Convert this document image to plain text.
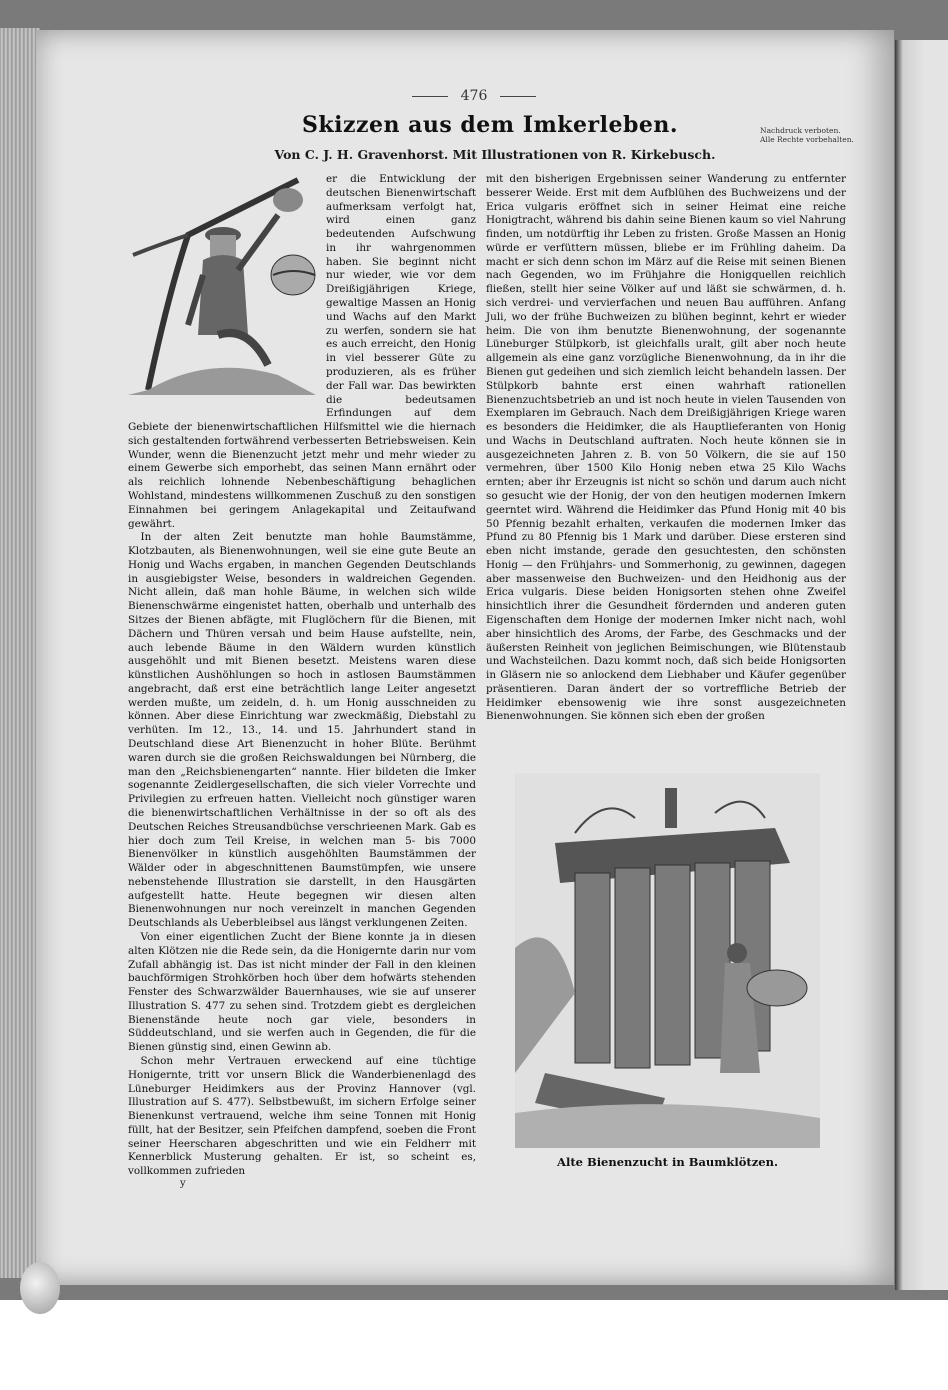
476
Skizzen aus dem Imkerleben.
Von C. J. H. Gravenhorst. Mit Illustrationen von R. Kirkebusch.
Nachdruck verboten. Alle Rechte vorbehalten.
Alte Bienenzucht in Baumklötzen.

er die Entwicklung der deutschen Bienenwirtschaft aufmerksam verfolgt hat, wird einen ganz bedeutenden Aufschwung in ihr wahrgenommen haben. Sie beginnt nicht nur wieder, wie vor dem Dreißigjährigen Kriege, gewaltige Massen an Honig und Wachs auf den Markt zu werfen, sondern sie hat es auch erreicht, den Honig in viel besserer Güte zu produzieren, als es früher der Fall war. Das bewirkten die bedeutsamen Erfindungen auf dem Gebiete der bienenwirtschaftlichen Hilfsmittel wie die hiernach sich gestaltenden fortwährend verbesserten Betriebsweisen. Kein Wunder, wenn die Bienenzucht jetzt mehr und mehr wieder zu einem Gewerbe sich emporhebt, das seinen Mann ernährt oder als reichlich lohnende Nebenbeschäftigung behaglichen Wohlstand, mindestens willkommenen Zuschuß zu den sonstigen Einnahmen bei geringem Anlagekapital und Zeitaufwand gewährt.

In der alten Zeit benutzte man hohle Baumstämme, Klotzbauten, als Bienenwohnungen, weil sie eine gute Beute an Honig und Wachs ergaben, in manchen Gegenden Deutschlands in ausgiebigster Weise, besonders in waldreichen Gegenden. Nicht allein, daß man hohle Bäume, in welchen sich wilde Bienenschwärme eingenistet hatten, oberhalb und unterhalb des Sitzes der Bienen abfägte, mit Fluglöchern für die Bienen, mit Dächern und Thüren versah und beim Hause aufstellte, nein, auch lebende Bäume in den Wäldern wurden künstlich ausgehöhlt und mit Bienen besetzt. Meistens waren diese künstlichen Aushöhlungen so hoch in astlosen Baumstämmen angebracht, daß erst eine beträchtlich lange Leiter angesetzt werden mußte, um zeideln, d. h. um Honig ausschneiden zu können. Aber diese Einrichtung war zweckmäßig, Diebstahl zu verhüten. Im 12., 13., 14. und 15. Jahrhundert stand in Deutschland diese Art Bienenzucht in hoher Blüte. Berühmt waren durch sie die großen Reichswaldungen bei Nürnberg, die man den „Reichsbienengarten“ nannte. Hier bildeten die Imker sogenannte Zeidlergesellschaften, die sich vieler Vorrechte und Privilegien zu erfreuen hatten. Vielleicht noch günstiger waren die bienenwirtschaftlichen Verhältnisse in der so oft als des Deutschen Reiches Streusandbüchse verschrieenen Mark. Gab es hier doch zum Teil Kreise, in welchen man 5- bis 7000 Bienenvölker in künstlich ausgehöhlten Baumstämmen der Wälder oder in abgeschnittenen Baumstümpfen, wie unsere nebenstehende Illustration sie darstellt, in den Hausgärten aufgestellt hatte. Heute begegnen wir diesen alten Bienenwohnungen nur noch vereinzelt in manchen Gegenden Deutschlands als Ueberbleibsel aus längst verklungenen Zeiten.

Von einer eigentlichen Zucht der Biene konnte ja in diesen alten Klötzen nie die Rede sein, da die Honigernte darin nur vom Zufall abhängig ist. Das ist nicht minder der Fall in den kleinen bauchförmigen Strohkörben hoch über dem hofwärts stehenden Fenster des Schwarzwälder Bauernhauses, wie sie auf unserer Illustration S. 477 zu sehen sind. Trotzdem giebt es dergleichen Bienenstände heute noch gar viele, besonders in Süddeutschland, und sie werfen auch in Gegenden, die für die Bienen günstig sind, einen Gewinn ab.

Schon mehr Vertrauen erweckend auf eine tüchtige Honigernte, tritt vor unsern Blick die Wanderbienenlagd des Lüneburger Heidimkers aus der Provinz Hannover (vgl. Illustration auf S. 477). Selbstbewußt, im sichern Erfolge seiner Bienenkunst vertrauend, welche ihm seine Tonnen mit Honig füllt, hat der Besitzer, sein Pfeifchen dampfend, soeben die Front seiner Heerscharen abgeschritten und wie ein Feldherr mit Kennerblick Musterung gehalten. Er ist, so scheint es, vollkommen zufrieden

mit den bisherigen Ergebnissen seiner Wanderung zu entfernter besserer Weide. Erst mit dem Aufblühen des Buchweizens und der Erica vulgaris eröffnet sich in seiner Heimat eine reiche Honigtracht, während bis dahin seine Bienen kaum so viel Nahrung finden, um notdürftig ihr Leben zu fristen. Große Massen an Honig würde er verfüttern müssen, bliebe er im Frühling daheim. Da macht er sich denn schon im März auf die Reise mit seinen Bienen nach Gegenden, wo im Frühjahre die Honigquellen reichlich fließen, stellt hier seine Völker auf und läßt sie schwärmen, d. h. sich verdrei- und vervierfachen und neuen Bau aufführen. Anfang Juli, wo der frühe Buchweizen zu blühen beginnt, kehrt er wieder heim. Die von ihm benutzte Bienenwohnung, der sogenannte Lüneburger Stülpkorb, ist gleichfalls uralt, gilt aber noch heute allgemein als eine ganz vorzügliche Bienenwohnung, da in ihr die Bienen gut gedeihen und sich ziemlich leicht behandeln lassen. Der Stülpkorb bahnte erst einen wahrhaft rationellen Bienenzuchtsbetrieb an und ist noch heute in vielen Tausenden von Exemplaren im Gebrauch. Nach dem Dreißigjährigen Kriege waren es besonders die Heidimker, die als Hauptlieferanten von Honig und Wachs in Deutschland auftraten. Noch heute können sie in ausgezeichneten Jahren z. B. von 50 Völkern, die sie auf 150 vermehren, über 1500 Kilo Honig neben etwa 25 Kilo Wachs ernten; aber ihr Erzeugnis ist nicht so schön und darum auch nicht so gesucht wie der Honig, der von den heutigen modernen Imkern geerntet wird. Während die Heidimker das Pfund Honig mit 40 bis 50 Pfennig bezahlt erhalten, verkaufen die modernen Imker das Pfund zu 80 Pfennig bis 1 Mark und darüber. Diese ersteren sind eben nicht imstande, gerade den gesuchtesten, den schönsten Honig — den Frühjahrs- und Sommerhonig, zu gewinnen, dagegen aber massenweise den Buchweizen- und den Heidhonig aus der Erica vulgaris. Diese beiden Honigsorten stehen ohne Zweifel hinsichtlich ihrer die Gesundheit fördernden und anderen guten Eigenschaften dem Honige der modernen Imker nicht nach, wohl aber hinsichtlich des Aroms, der Farbe, des Geschmacks und der äußersten Reinheit von jeglichen Beimischungen, wie Blütenstaub und Wachsteilchen. Dazu kommt noch, daß sich beide Honigsorten in Gläsern nie so anlockend dem Liebhaber und Käufer gegenüber präsentieren. Daran ändert der so vortreffliche Betrieb der Heidimker ebensowenig wie ihre sonst ausgezeichneten Bienenwohnungen. Sie können sich eben der großen

y
